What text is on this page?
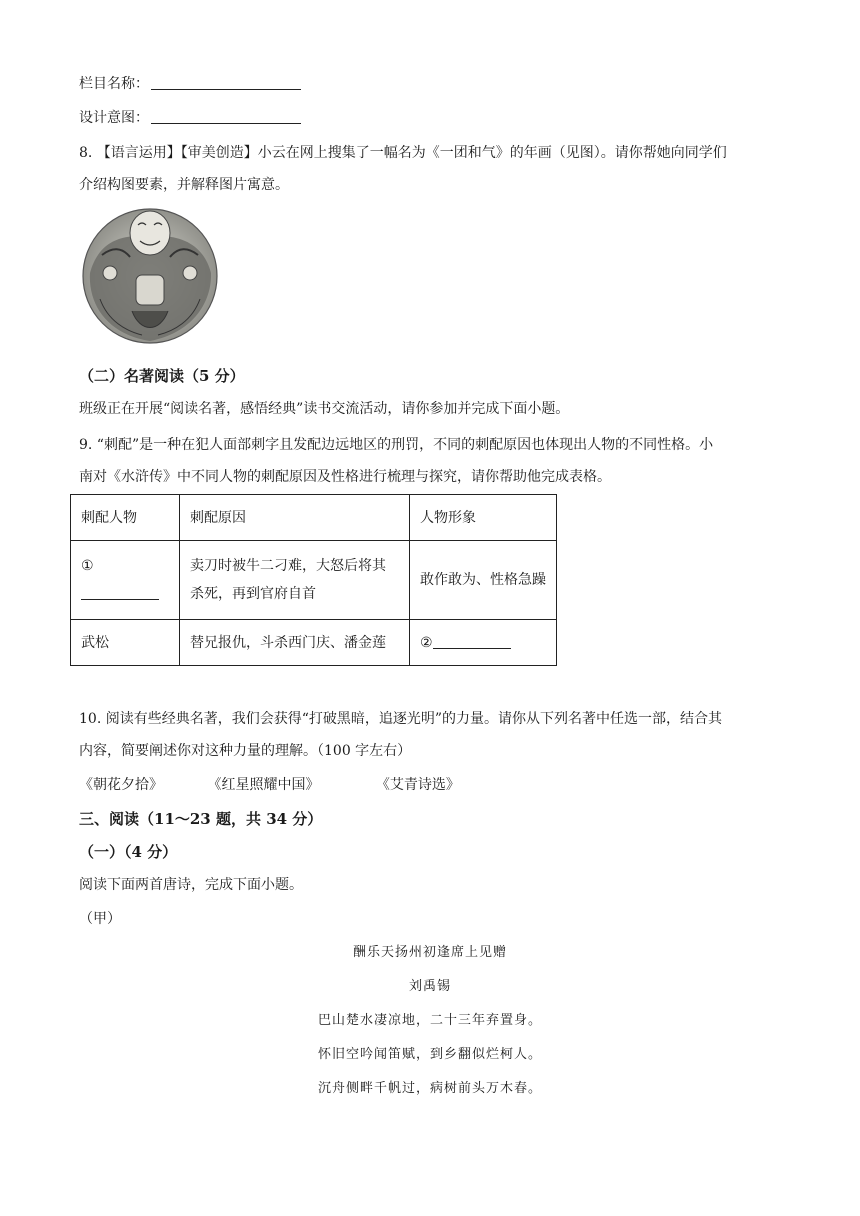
栏目名称：
设计意图：
8. 【语言运用】【审美创造】小云在网上搜集了一幅名为《一团和气》的年画（见图）。请你帮她向同学们
介绍构图要素，并解释图片寓意。
（二）名著阅读（5 分）
班级正在开展“阅读名著，感悟经典”读书交流活动，请你参加并完成下面小题。
9. “刺配”是一种在犯人面部刺字且发配边远地区的刑罚，不同的刺配原因也体现出人物的不同性格。小
南对《水浒传》中不同人物的刺配原因及性格进行梳理与探究，请你帮助他完成表格。
刺配人物	刺配原因	人物形象
①	卖刀时被牛二刁难，大怒后将其
杀死，再到官府自首	敢作敢为、性格急躁
武松	替兄报仇，斗杀西门庆、潘金莲	②
10. 阅读有些经典名著，我们会获得“打破黑暗，追逐光明”的力量。请你从下列名著中任选一部，结合其
内容，简要阐述你对这种力量的理解。（100 字左右）
《朝花夕拾》	《红星照耀中国》	《艾青诗选》
三、阅读（11～23 题，共 34 分）
（一）（4 分）
阅读下面两首唐诗，完成下面小题。
（甲）
酬乐天扬州初逢席上见赠
刘禹锡
巴山楚水凄凉地，二十三年弃置身。
怀旧空吟闻笛赋，到乡翻似烂柯人。
沉舟侧畔千帆过，病树前头万木春。
